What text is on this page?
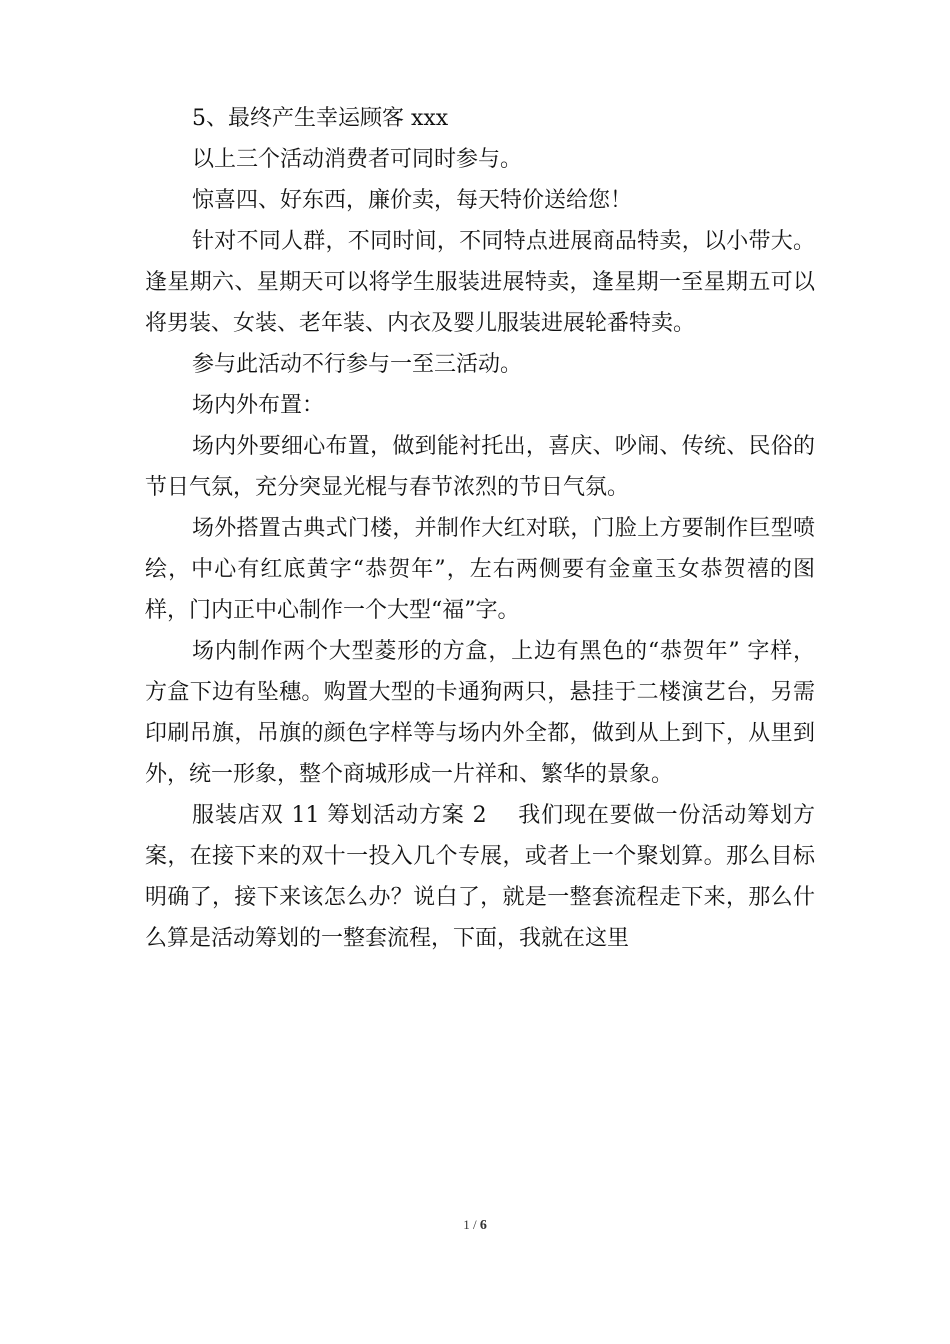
5、最终产生幸运顾客 xxx

以上三个活动消费者可同时参与。

惊喜四、好东西，廉价卖，每天特价送给您！

针对不同人群，不同时间，不同特点进展商品特卖，以小带大。逢星期六、星期天可以将学生服装进展特卖，逢星期一至星期五可以将男装、女装、老年装、内衣及婴儿服装进展轮番特卖。

参与此活动不行参与一至三活动。

场内外布置：

场内外要细心布置，做到能衬托出，喜庆、吵闹、传统、民俗的节日气氛，充分突显光棍与春节浓烈的节日气氛。

场外搭置古典式门楼，并制作大红对联，门脸上方要制作巨型喷绘，中心有红底黄字“恭贺年”，左右两侧要有金童玉女恭贺禧的图样，门内正中心制作一个大型“福”字。

场内制作两个大型菱形的方盒，上边有黑色的“恭贺年” 字样，方盒下边有坠穗。购置大型的卡通狗两只，悬挂于二楼演艺台，另需印刷吊旗，吊旗的颜色字样等与场内外全都，做到从上到下，从里到外，统一形象，整个商城形成一片祥和、繁华的景象。

服装店双 11 筹划活动方案 2    我们现在要做一份活动筹划方案，在接下来的双十一投入几个专展，或者上一个聚划算。那么目标明确了，接下来该怎么办？说白了，就是一整套流程走下来，那么什么算是活动筹划的一整套流程，下面，我就在这里

1 / 6
